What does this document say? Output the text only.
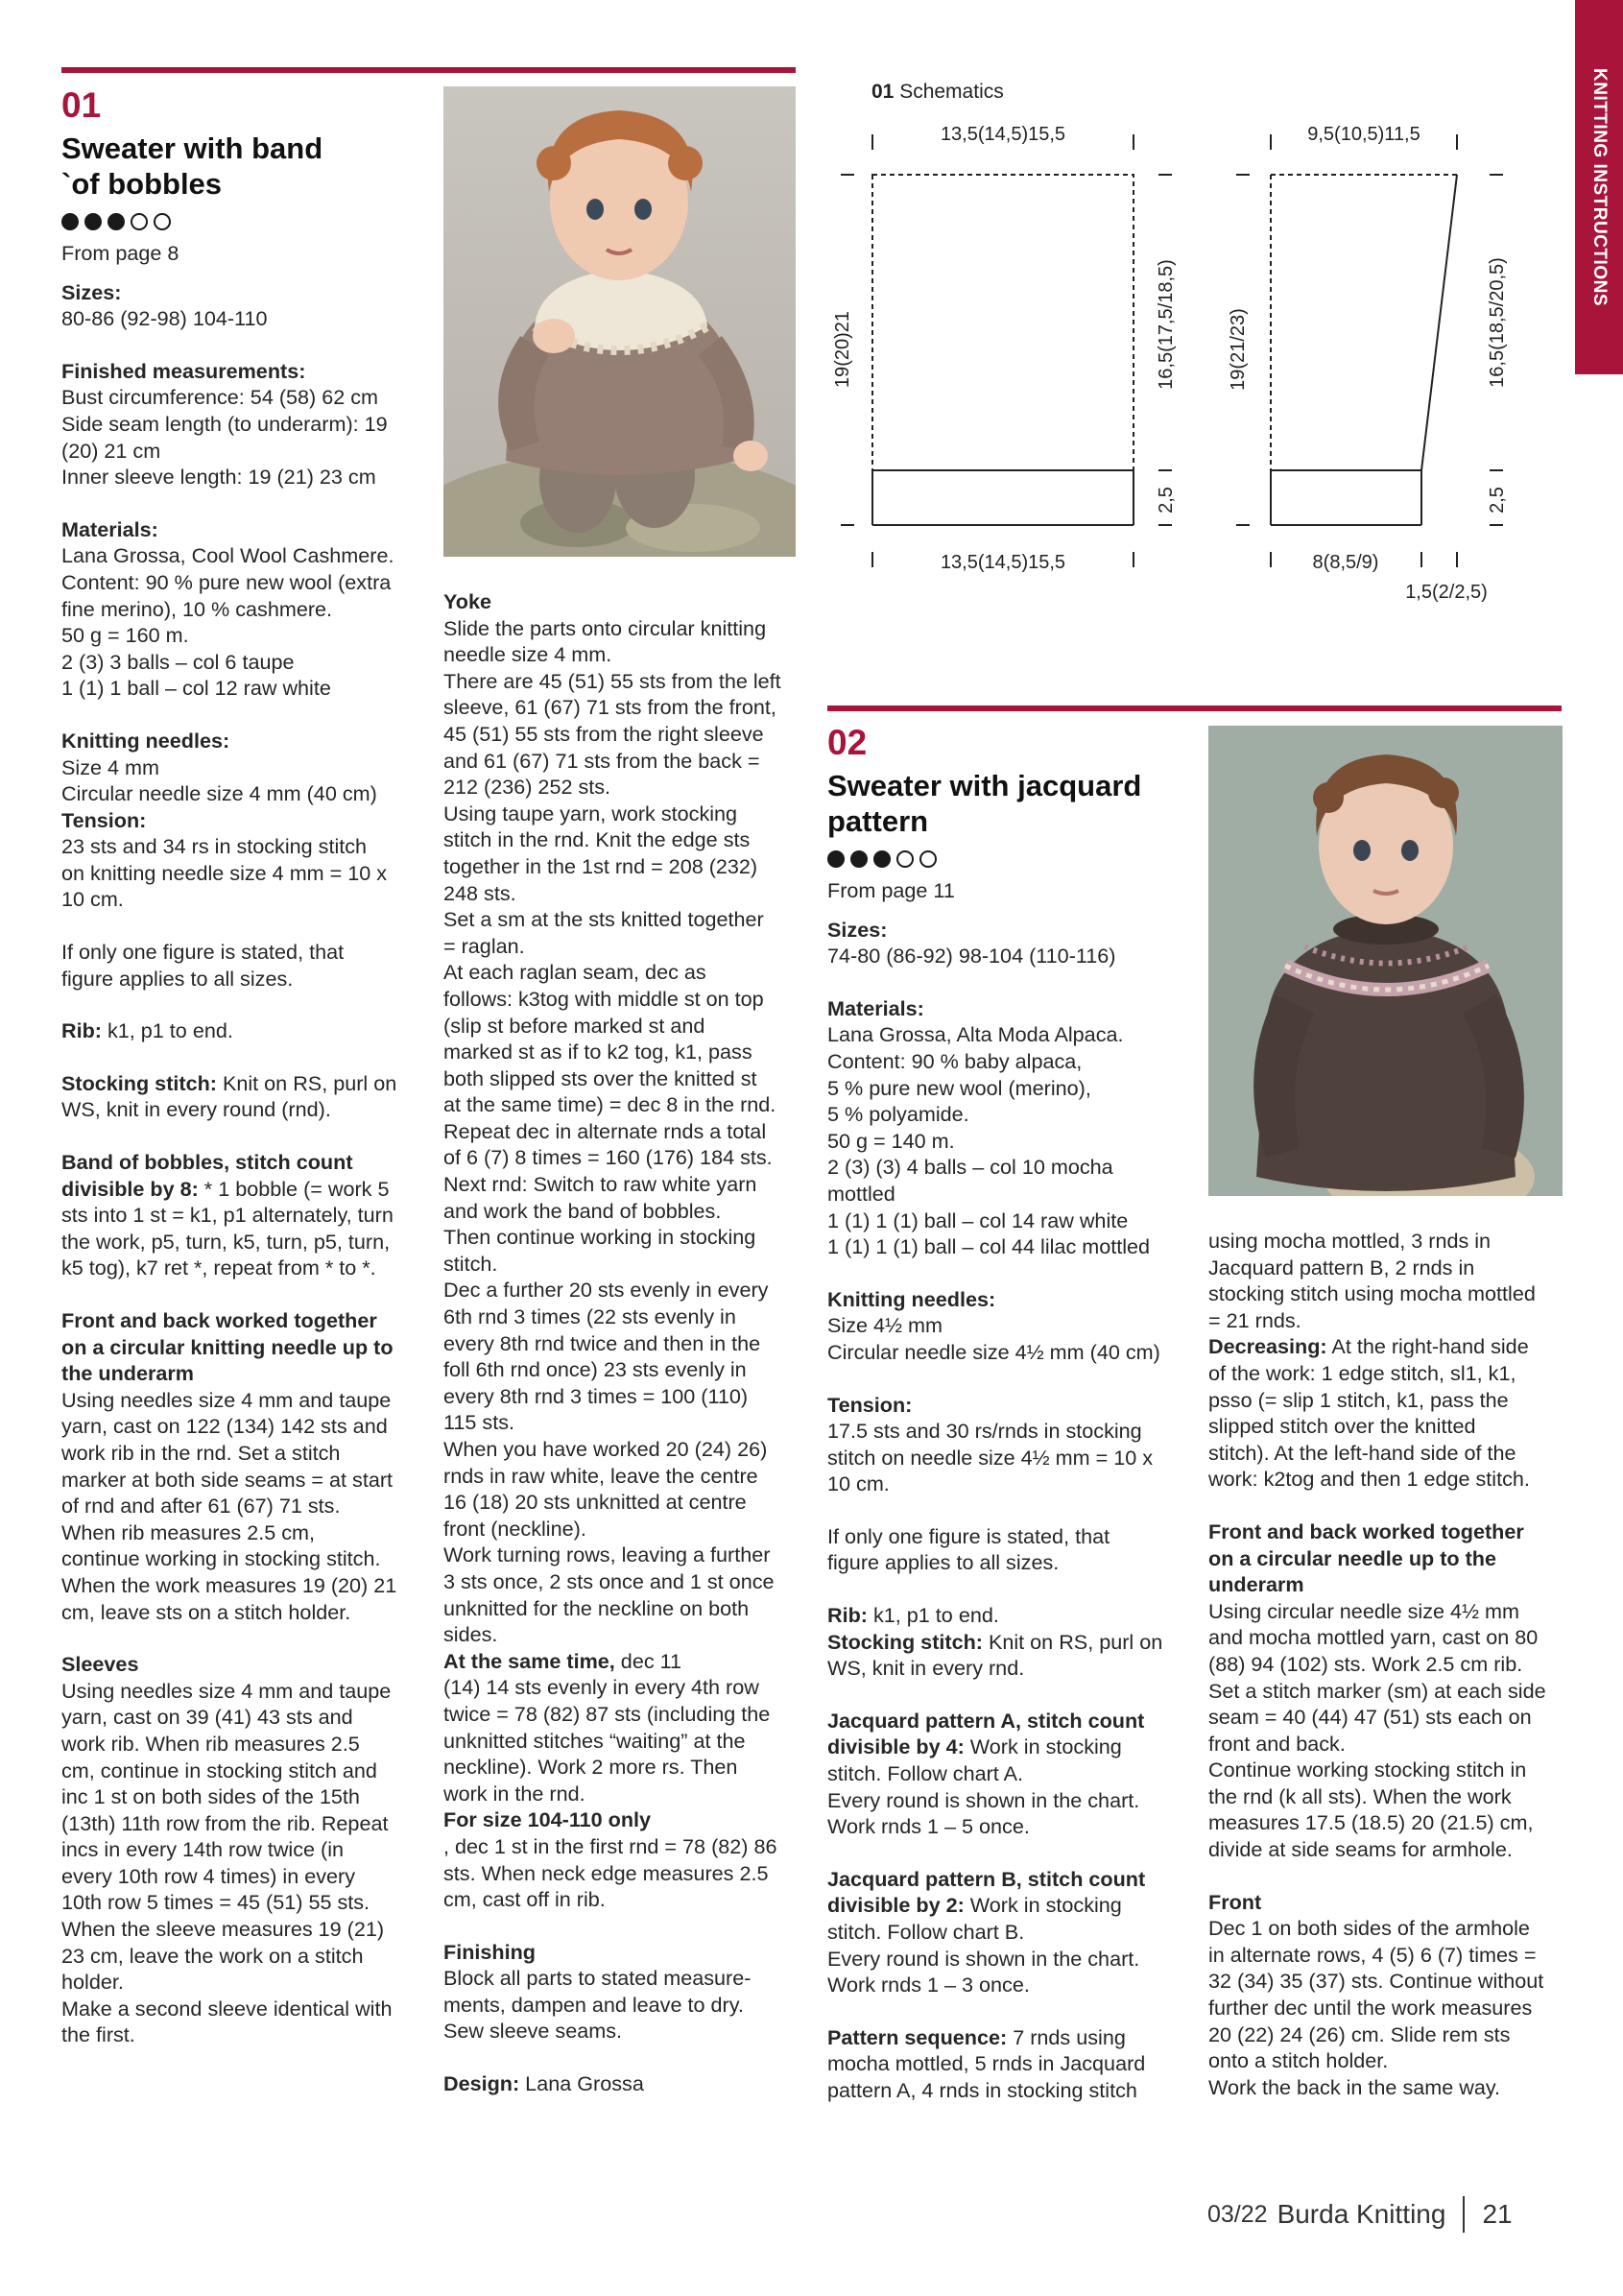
KNITTING INSTRUCTIONS
01
Sweater with band
`of bobbles

From page 8

Sizes:

80-86 (92-98) 104-110

Finished measurements:

Bust circumference: 54 (58) 62 cm
Side seam length (to underarm): 19
(20) 21 cm
Inner sleeve length: 19 (21) 23 cm

Materials:

Lana Grossa, Cool Wool Cashmere.
Content: 90 % pure new wool (extra
fine merino), 10 % cashmere.
50 g = 160 m.
2 (3) 3 balls – col 6 taupe
1 (1) 1 ball – col 12 raw white

Knitting needles:

Size 4 mm
Circular needle size 4 mm (40 cm)

Tension:

23 sts and 34 rs in stocking stitch
on knitting needle size 4 mm = 10 x
10 cm.

If only one figure is stated, that
figure applies to all sizes.

Rib: k1, p1 to end.

Stocking stitch: Knit on RS, purl on
WS, knit in every round (rnd).

Band of bobbles, stitch count
divisible by 8: * 1 bobble (= work 5
sts into 1 st = k1, p1 alternately, turn
the work, p5, turn, k5, turn, p5, turn,
k5 tog), k7 ret *, repeat from * to *.

Front and back worked together
on a circular knitting needle up to
the underarm

Using needles size 4 mm and taupe
yarn, cast on 122 (134) 142 sts and
work rib in the rnd. Set a stitch
marker at both side seams = at start
of rnd and after 61 (67) 71 sts.
When rib measures 2.5 cm,
continue working in stocking stitch.
When the work measures 19 (20) 21
cm, leave sts on a stitch holder.

Sleeves

Using needles size 4 mm and taupe
yarn, cast on 39 (41) 43 sts and
work rib. When rib measures 2.5
cm, continue in stocking stitch and
inc 1 st on both sides of the 15th
(13th) 11th row from the rib. Repeat
incs in every 14th row twice (in
every 10th row 4 times) in every
10th row 5 times = 45 (51) 55 sts.
When the sleeve measures 19 (21)
23 cm, leave the work on a stitch
holder.
Make a second sleeve identical with
the first.

Yoke

Slide the parts onto circular knitting
needle size 4 mm.
There are 45 (51) 55 sts from the left
sleeve, 61 (67) 71 sts from the front,
45 (51) 55 sts from the right sleeve
and 61 (67) 71 sts from the back =
212 (236) 252 sts.
Using taupe yarn, work stocking
stitch in the rnd. Knit the edge sts
together in the 1st rnd = 208 (232)
248 sts.
Set a sm at the sts knitted together
= raglan.
At each raglan seam, dec as
follows: k3tog with middle st on top
(slip st before marked st and
marked st as if to k2 tog, k1, pass
both slipped sts over the knitted st
at the same time) = dec 8 in the rnd.
Repeat dec in alternate rnds a total
of 6 (7) 8 times = 160 (176) 184 sts.
Next rnd: Switch to raw white yarn
and work the band of bobbles.
Then continue working in stocking
stitch.
Dec a further 20 sts evenly in every
6th rnd 3 times (22 sts evenly in
every 8th rnd twice and then in the
foll 6th rnd once) 23 sts evenly in
every 8th rnd 3 times = 100 (110)
115 sts.
When you have worked 20 (24) 26)
rnds in raw white, leave the centre
16 (18) 20 sts unknitted at centre
front (neckline).
Work turning rows, leaving a further
3 sts once, 2 sts once and 1 st once
unknitted for the neckline on both
sides.

At the same time, dec 11
(14) 14 sts evenly in every 4th row
twice = 78 (82) 87 sts (including the
unknitted stitches “waiting” at the
neckline). Work 2 more rs. Then
work in the rnd.

For size 104-110 only

, dec 1 st in the first rnd = 78 (82) 86
sts. When neck edge measures 2.5
cm, cast off in rib.

Finishing

Block all parts to stated measure-
ments, dampen and leave to dry.
Sew sleeve seams.

Design: Lana Grossa

01 Schematics
13,5(14,5)15,5
13,5(14,5)15,5
19(20)21	16,5(17,5/18,5)
2,5
9,5(10,5)11,5
8(8,5/9)
1,5(2/2,5)
19(21/23)	16,5(18,5/20,5)
2,5
02
Sweater with jacquard
pattern

From page 11

Sizes:

74-80 (86-92) 98-104 (110-116)

Materials:

Lana Grossa, Alta Moda Alpaca.
Content: 90 % baby alpaca,
5 % pure new wool (merino),
5 % polyamide.
50 g = 140 m.
2 (3) (3) 4 balls – col 10 mocha
mottled
1 (1) 1 (1) ball – col 14 raw white
1 (1) 1 (1) ball – col 44 lilac mottled

Knitting needles:

Size 4½ mm
Circular needle size 4½ mm (40 cm)

Tension:

17.5 sts and 30 rs/rnds in stocking
stitch on needle size 4½ mm = 10 x
10 cm.

If only one figure is stated, that
figure applies to all sizes.

Rib: k1, p1 to end.

Stocking stitch: Knit on RS, purl on
WS, knit in every rnd.

Jacquard pattern A, stitch count
divisible by 4: Work in stocking
stitch. Follow chart A.
Every round is shown in the chart.
Work rnds 1 – 5 once.

Jacquard pattern B, stitch count
divisible by 2: Work in stocking
stitch. Follow chart B.
Every round is shown in the chart.
Work rnds 1 – 3 once.

Pattern sequence: 7 rnds using
mocha mottled, 5 rnds in Jacquard
pattern A, 4 rnds in stocking stitch

using mocha mottled, 3 rnds in
Jacquard pattern B, 2 rnds in
stocking stitch using mocha mottled
= 21 rnds.

Decreasing: At the right-hand side
of the work: 1 edge stitch, sl1, k1,
psso (= slip 1 stitch, k1, pass the
slipped stitch over the knitted
stitch). At the left-hand side of the
work: k2tog and then 1 edge stitch.

Front and back worked together
on a circular needle up to the
underarm

Using circular needle size 4½ mm
and mocha mottled yarn, cast on 80
(88) 94 (102) sts. Work 2.5 cm rib.
Set a stitch marker (sm) at each side
seam = 40 (44) 47 (51) sts each on
front and back.
Continue working stocking stitch in
the rnd (k all sts). When the work
measures 17.5 (18.5) 20 (21.5) cm,
divide at side seams for armhole.

Front

Dec 1 on both sides of the armhole
in alternate rows, 4 (5) 6 (7) times =
32 (34) 35 (37) sts. Continue without
further dec until the work measures
20 (22) 24 (26) cm. Slide rem sts
onto a stitch holder.
Work the back in the same way.

03/22 Burda Knitting 21
